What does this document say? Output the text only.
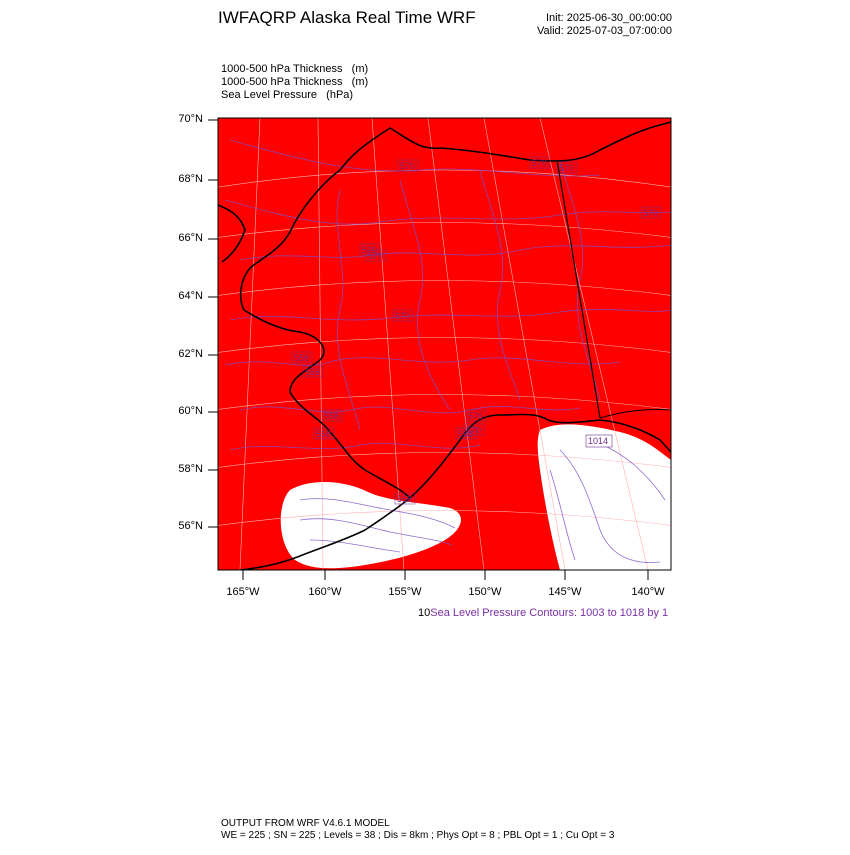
IWFAQRP Alaska Real Time WRF	Init: 2025-06-30_00:00:00
Valid: 2025-07-03_07:00:00
1000-500 hPa Thickness   (m)
1000-500 hPa Thickness   (m)
Sea Level Pressure   (hPa)
570	570
570
570
570
570
570
558
558
558
558
558
558
576
570
1014
70°N
68°N
66°N
64°N
62°N
60°N
58°N
56°N
165°W	160°W	155°W	150°W	145°W	140°W
10Sea Level Pressure Contours: 1003 to 1018 by 1
OUTPUT FROM WRF V4.6.1 MODEL
WE = 225 ; SN = 225 ; Levels = 38 ; Dis = 8km ; Phys Opt = 8 ; PBL Opt = 1 ; Cu Opt = 3
